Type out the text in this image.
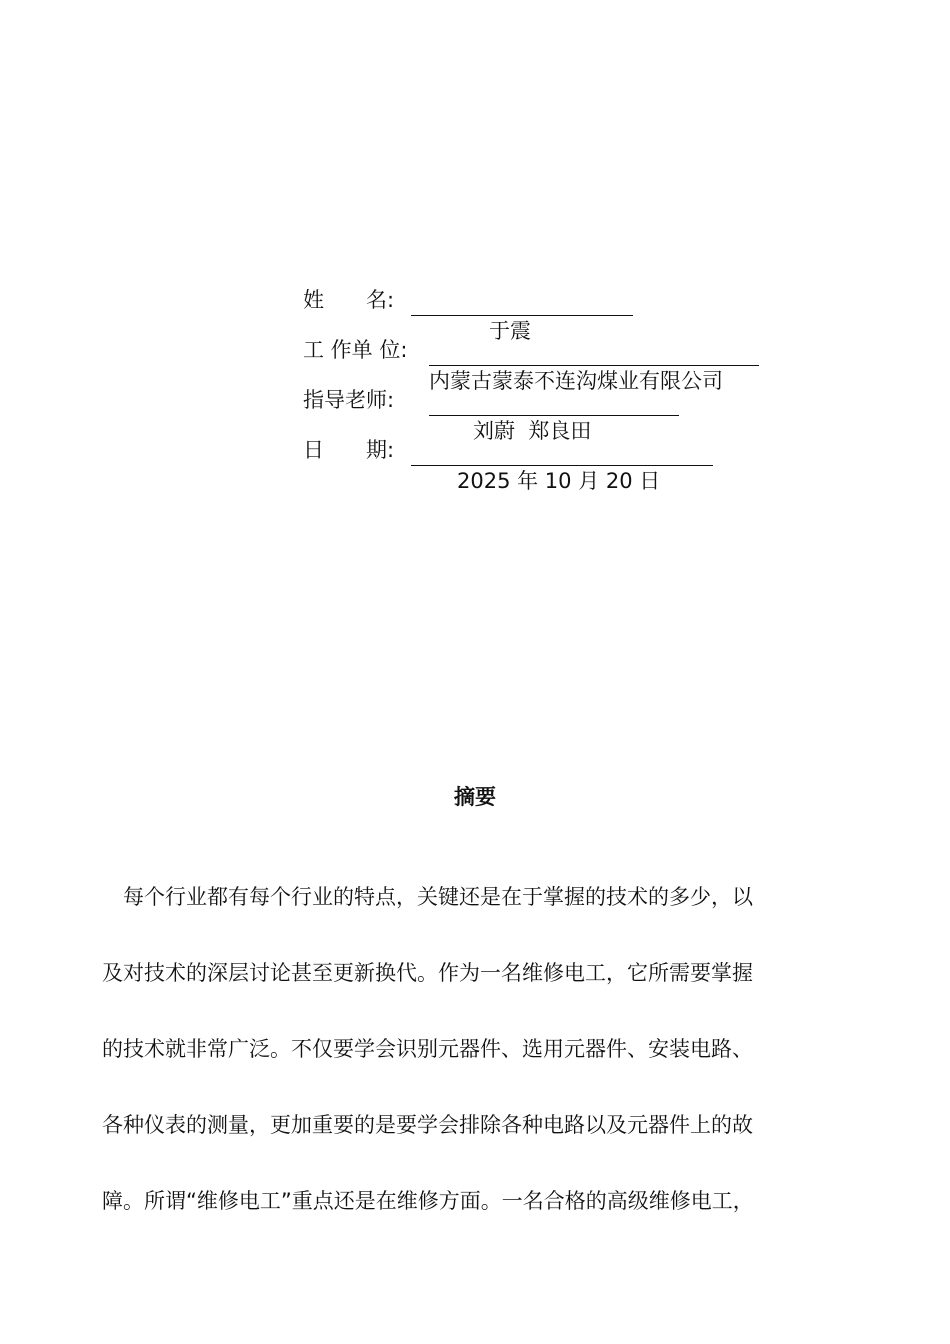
姓　　名:

于震

工 作单 位:

内蒙古蒙泰不连沟煤业有限公司

指导老师:

刘蔚  郑良田

日　　期:

2025 年 10 月 20 日

摘要
　每个行业都有每个行业的特点，关键还是在于掌握的技术的多少，以
及对技术的深层讨论甚至更新换代。作为一名维修电工，它所需要掌握
的技术就非常广泛。不仅要学会识别元器件、选用元器件、安装电路、
各种仪表的测量，更加重要的是要学会排除各种电路以及元器件上的故
障。所谓“维修电工”重点还是在维修方面。一名合格的高级维修电工，
